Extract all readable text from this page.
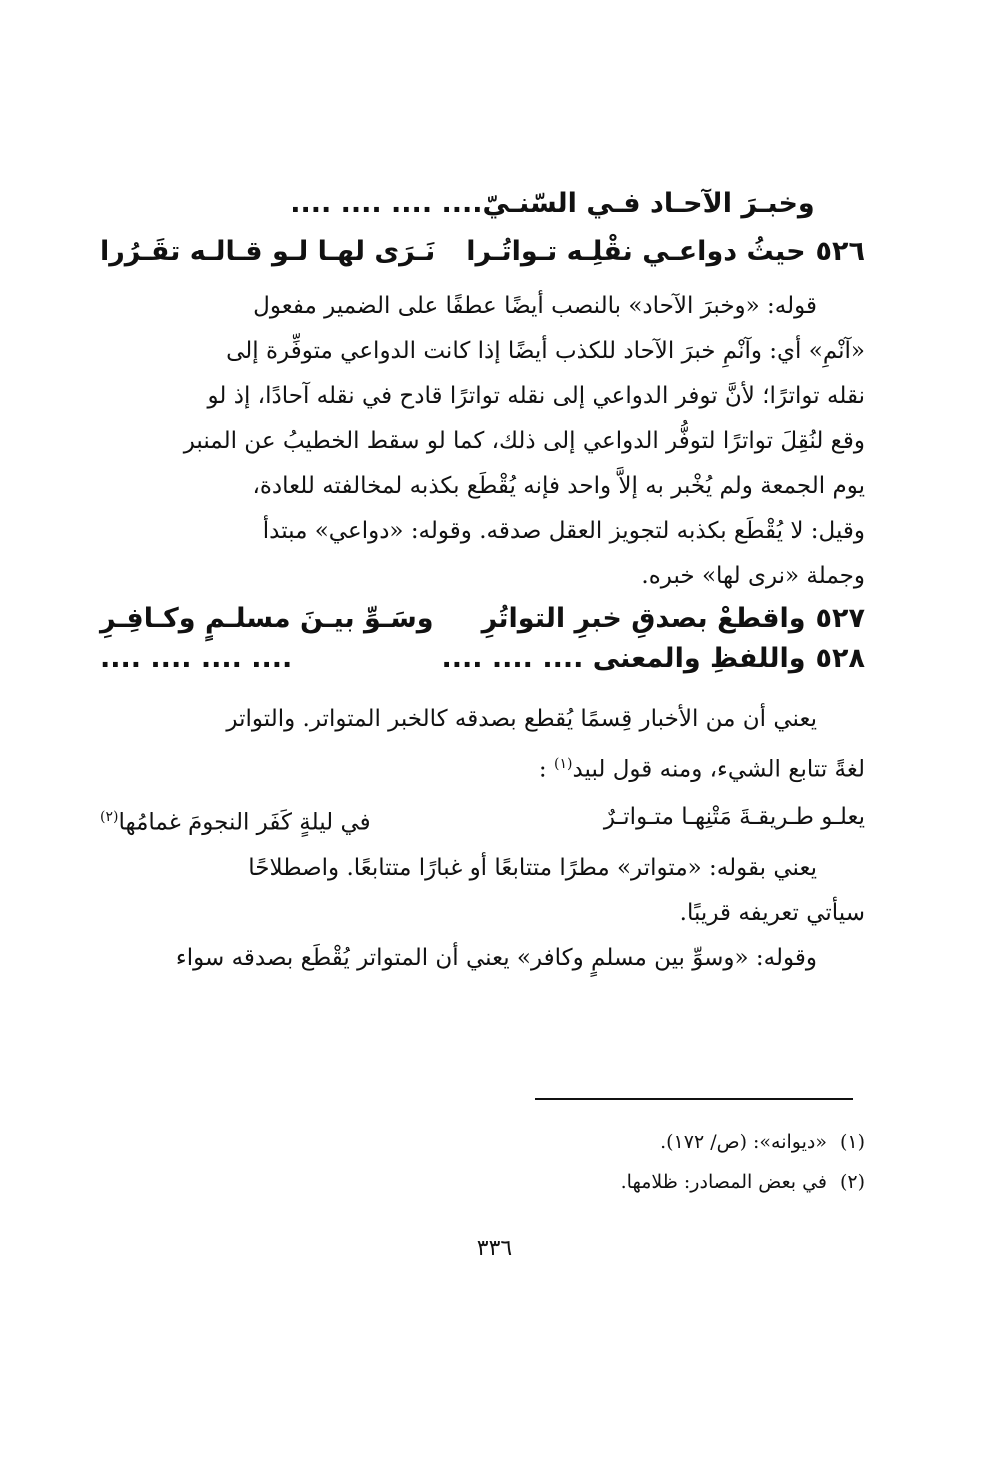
وخبـرَ الآحـاد فـي السّنـيّ
.... .... .... ....
٥٢٦
حيثُ دواعـي نقْلِـه تـواتُـرا
نَـرَى لهـا لـو قـالـه تقَـرُرا
قوله: «وخبرَ الآحاد» بالنصب أيضًا عطفًا على الضمير مفعول
«آنْمِ» أي: وآنْمِ خبرَ الآحاد للكذب أيضًا إذا كانت الدواعي متوفِّرة إلى
نقله تواترًا؛ لأنَّ توفر الدواعي إلى نقله تواترًا قادح في نقله آحادًا، إذ لو
وقع لنُقِلَ تواترًا لتوفُّر الدواعي إلى ذلك، كما لو سقط الخطيبُ عن المنبر
يوم الجمعة ولم يُخْبر به إلاَّ واحد فإنه يُقْطَع بكذبه لمخالفته للعادة،
وقيل: لا يُقْطَع بكذبه لتجويز العقل صدقه. وقوله: «دواعي» مبتدأ
وجملة «نرى لها» خبره.
٥٢٧
واقطعْ بصدقِ خبرِ التواتُرِ
وسَـوِّ بيـنَ مسلـمٍ وكـافِـرِ
٥٢٨
واللفظِ والمعنى .... .... ....
.... .... .... ....
يعني أن من الأخبار قِسمًا يُقطع بصدقه كالخبر المتواتر. والتواتر
لغةً تتابع الشيء، ومنه قول لبيد$^{(١)}$ :
يعلـو طـريقـةَ مَتْنِهـا متـواتـرٌ
في ليلةٍ كَفَر النجومَ غمامُها$^{(٢)}$
يعني بقوله: «متواتر» مطرًا متتابعًا أو غبارًا متتابعًا. واصطلاحًا
سيأتي تعريفه قريبًا.
وقوله: «وسوِّ بين مسلمٍ وكافر» يعني أن المتواتر يُقْطَع بصدقه سواء
(١)«ديوانه»: (ص/ ١٧٢).
(٢)في بعض المصادر: ظلامها.
٣٣٦
